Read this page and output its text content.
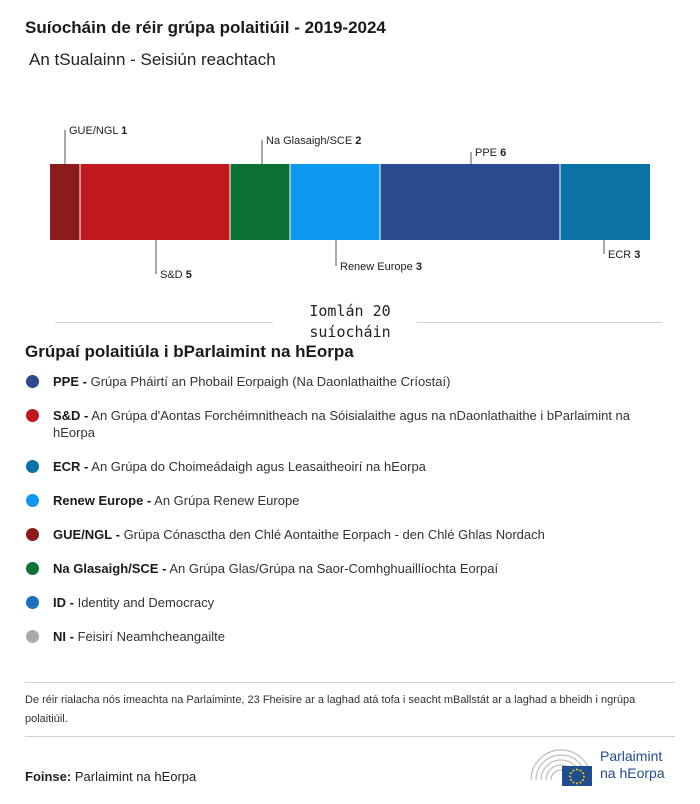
Suíocháin de réir grúpa polaitiúil - 2019-2024
An tSualainn - Seisiún reachtach
GUE/NGL 1
S&D 5
Na Glasaigh/SCE 2
Renew Europe 3
PPE 6
ECR 3
Iomlán 20
suíocháin
Grúpaí polaitiúla i bParlaimint na hEorpa
PPE - Grúpa Pháirtí an Phobail Eorpaigh (Na Daonlathaithe Críostaí)
S&D - An Grúpa d'Aontas Forchéimnitheach na Sóisialaithe agus na nDaonlathaithe i bParlaimint na hEorpa
ECR - An Grúpa do Choimeádaigh agus Leasaitheoirí na hEorpa
Renew Europe - An Grúpa Renew Europe
GUE/NGL - Grúpa Cónasctha den Chlé Aontaithe Eorpach - den Chlé Ghlas Nordach
Na Glasaigh/SCE - An Grúpa Glas/Grúpa na Saor-Comhghuaillíochta Eorpaí
ID - Identity and Democracy
NI - Feisirí Neamhcheangailte
De réir rialacha nós imeachta na Parlaiminte, 23 Fheisire ar a laghad atá tofa i seacht mBallstát ar a laghad a bheidh i ngrúpa polaitiúil.
Foinse: Parlaimint na hEorpa
Parlaimint
na hEorpa
